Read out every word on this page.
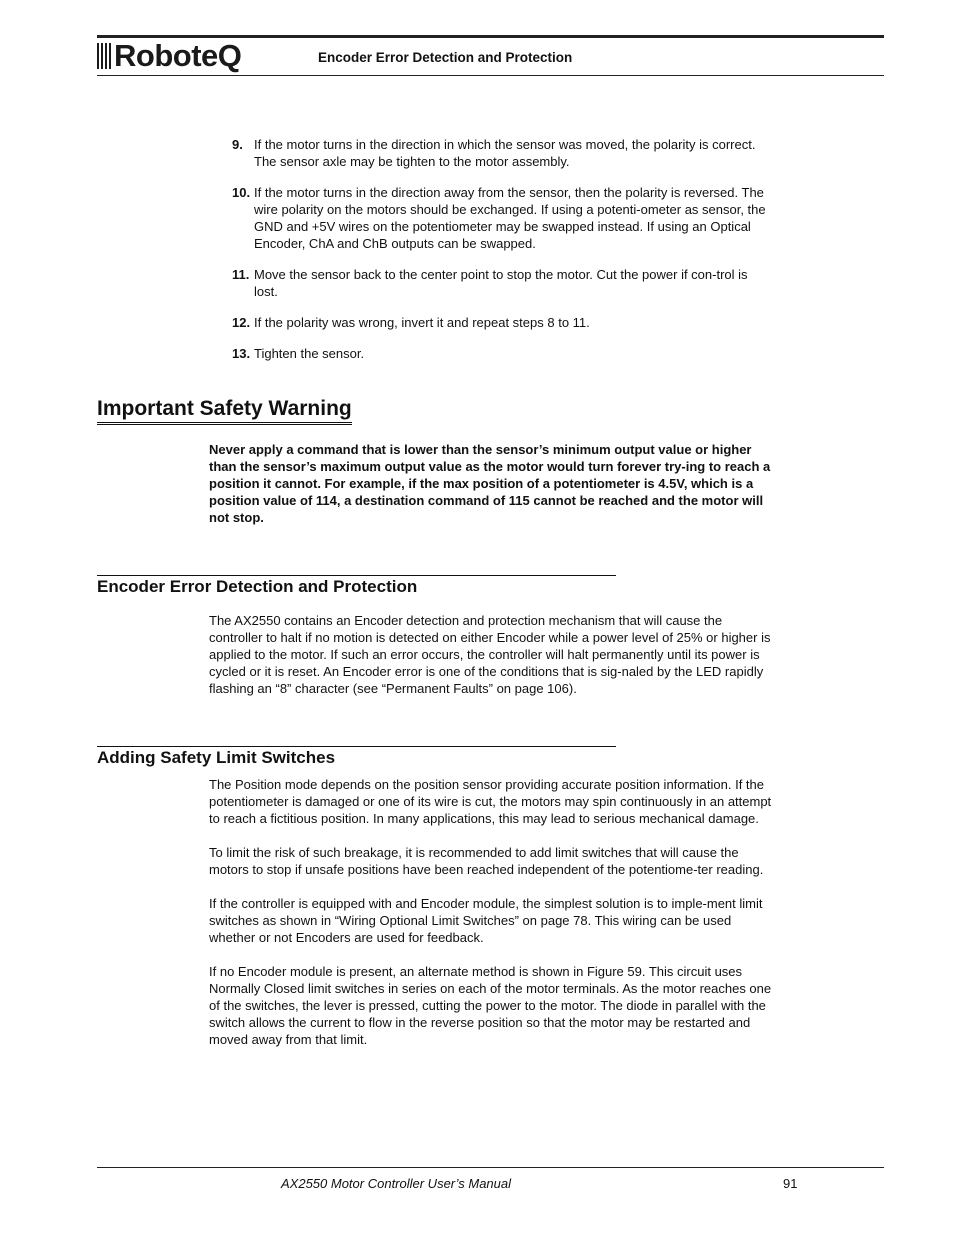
RoboteQ	Encoder Error Detection and Protection
9. If the motor turns in the direction in which the sensor was moved, the polarity is correct. The sensor axle may be tighten to the motor assembly.
10. If the motor turns in the direction away from the sensor, then the polarity is reversed. The wire polarity on the motors should be exchanged. If using a potenti-ometer as sensor, the GND and +5V wires on the potentiometer may be swapped instead. If using an Optical Encoder, ChA and ChB outputs can be swapped.
11. Move the sensor back to the center point to stop the motor. Cut the power if con-trol is lost.
12. If the polarity was wrong, invert it and repeat steps 8 to 11.
13. Tighten the sensor.
Important Safety Warning
Never apply a command that is lower than the sensor’s minimum output value or higher than the sensor’s maximum output value as the motor would turn forever try-ing to reach a position it cannot. For example, if the max position of a potentiometer is 4.5V, which is a position value of 114, a destination command of 115 cannot be reached and the motor will not stop.
Encoder Error Detection and Protection
The AX2550 contains an Encoder detection and protection mechanism that will cause the controller to halt if no motion is detected on either Encoder while a power level of 25% or higher is applied to the motor. If such an error occurs, the controller will halt permanently until its power is cycled or it is reset. An Encoder error is one of the conditions that is sig-naled by the LED rapidly flashing an “8” character (see “Permanent Faults” on page 106).
Adding Safety Limit Switches

The Position mode depends on the position sensor providing accurate position information. If the potentiometer is damaged or one of its wire is cut, the motors may spin continuously in an attempt to reach a fictitious position. In many applications, this may lead to serious mechanical damage.

To limit the risk of such breakage, it is recommended to add limit switches that will cause the motors to stop if unsafe positions have been reached independent of the potentiome-ter reading.

If the controller is equipped with and Encoder module, the simplest solution is to imple-ment limit switches as shown in “Wiring Optional Limit Switches” on page 78. This wiring can be used whether or not Encoders are used for feedback.

If no Encoder module is present, an alternate method is shown in Figure 59. This circuit uses Normally Closed limit switches in series on each of the motor terminals. As the motor reaches one of the switches, the lever is pressed, cutting the power to the motor. The diode in parallel with the switch allows the current to flow in the reverse position so that the motor may be restarted and moved away from that limit.

AX2550 Motor Controller User’s Manual	91
